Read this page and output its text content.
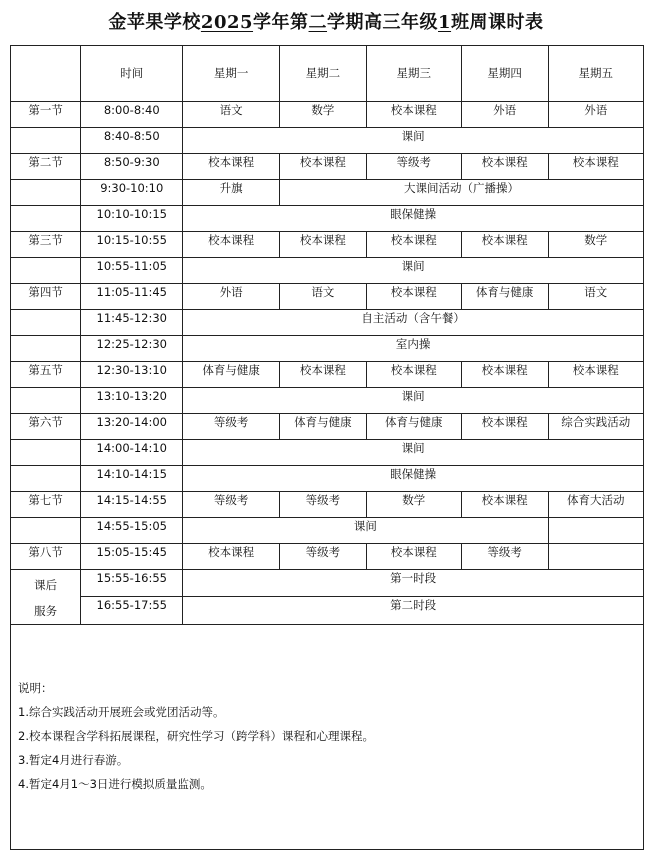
金苹果学校2025学年第二学期高三年级1班周课时表
	时间	星期一	星期二	星期三	星期四	星期五
第一节	8:00-8:40	语文	数学	校本课程	外语	外语
	8:40-8:50	课间				
第二节	8:50-9:30	校本课程	校本课程	等级考	校本课程	校本课程
	9:30-10:10	升旗	大课间活动（广播操）			
	10:10-10:15	眼保健操				
第三节	10:15-10:55	校本课程	校本课程	校本课程	校本课程	数学
	10:55-11:05	课间				
第四节	11:05-11:45	外语	语文	校本课程	体育与健康	语文
	11:45-12:30	自主活动（含午餐）				
	12:25-12:30	室内操				
第五节	12:30-13:10	体育与健康	校本课程	校本课程	校本课程	校本课程
	13:10-13:20	课间				
第六节	13:20-14:00	等级考	体育与健康	体育与健康	校本课程	综合实践活动
	14:00-14:10	课间				
	14:10-14:15	眼保健操				
第七节	14:15-14:55	等级考	等级考	数学	校本课程	体育大活动
	14:55-15:05	课间				
第八节	15:05-15:45	校本课程	等级考	校本课程	等级考	

课后
服务	15:55-16:55	第一时段				
	16:55-17:55	第二时段				
说明：
1.综合实践活动开展班会或党团活动等。
2.校本课程含学科拓展课程，研究性学习（跨学科）课程和心理课程。
3.暂定4月进行春游。
4.暂定4月1～3日进行模拟质量监测。
